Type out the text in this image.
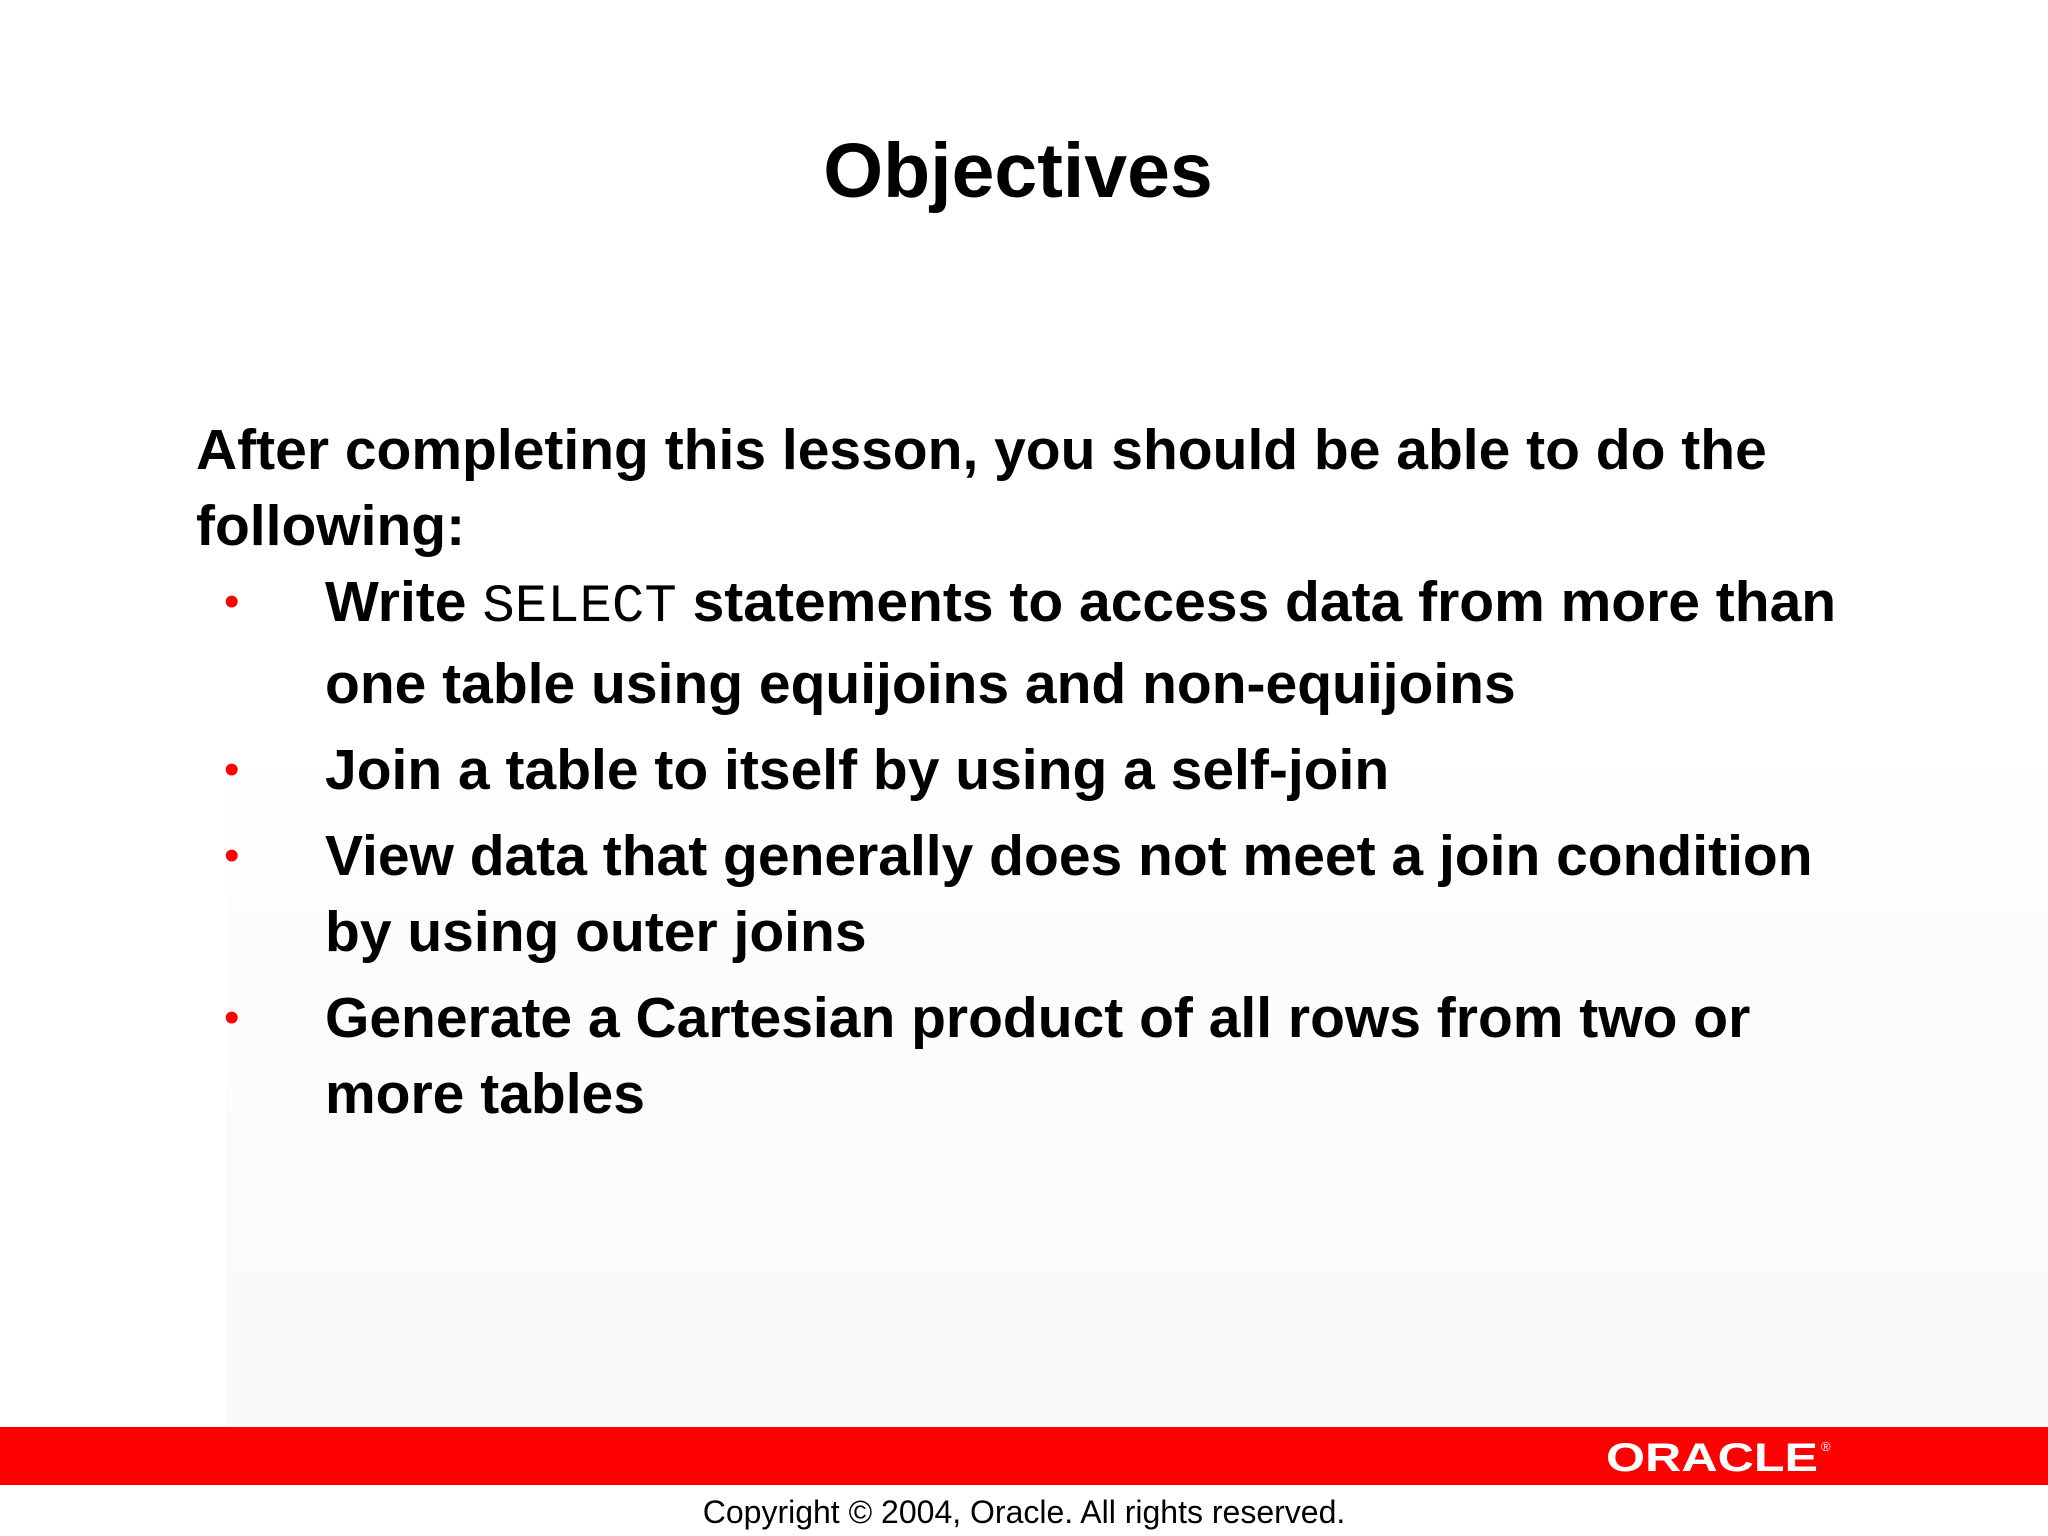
Objectives

After completing this lesson, you should be able to do the following:

• Write SELECT statements to access data from more than one table using equijoins and non-equijoins
• Join a table to itself by using a self-join
• View data that generally does not meet a join condition by using outer joins
• Generate a Cartesian product of all rows from two or more tables
ORACLE ®
Copyright © 2004, Oracle. All rights reserved.
